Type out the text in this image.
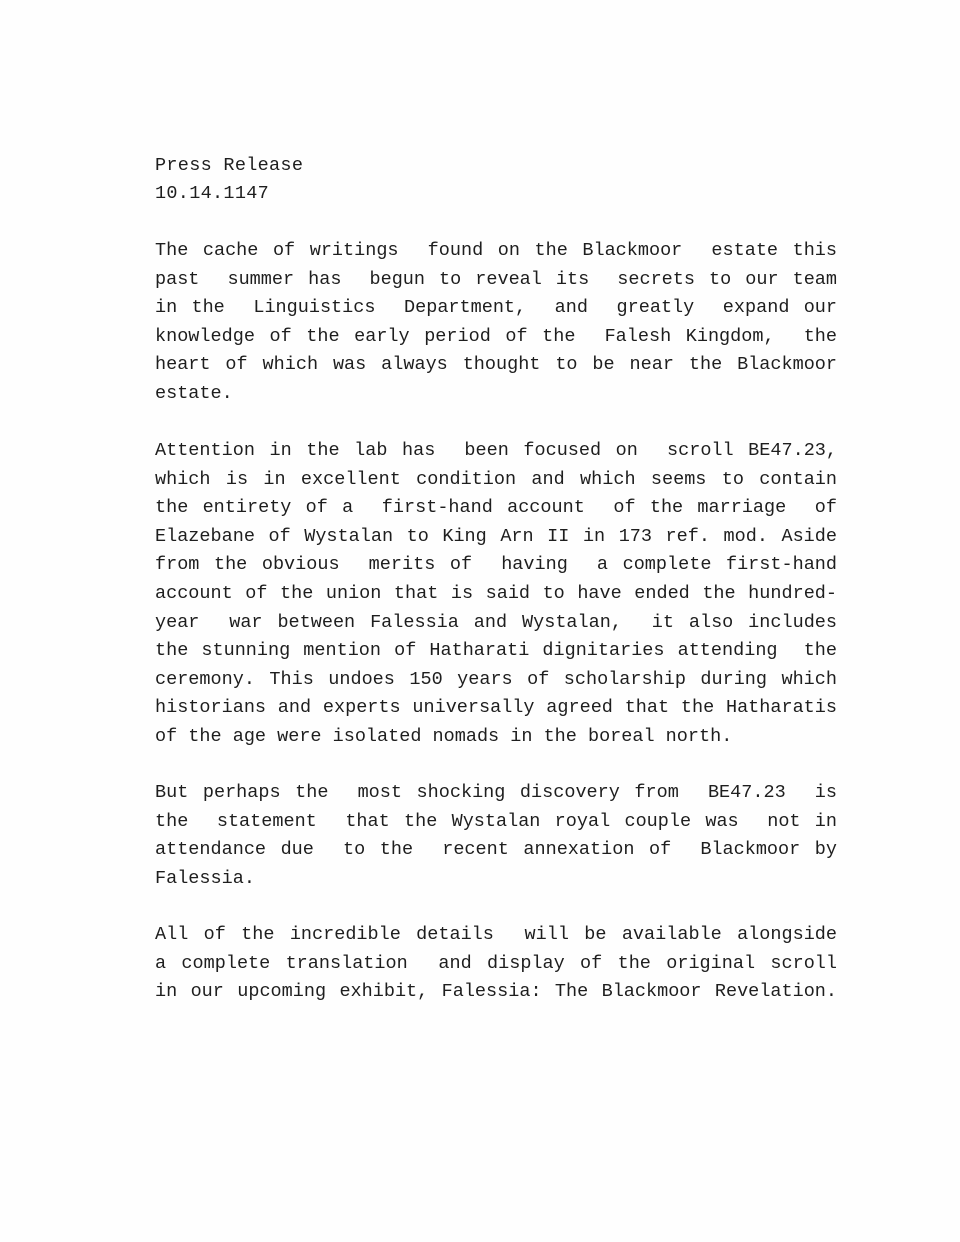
Press Release
10.14.1147
The cache of writings  found on the Blackmoor  estate this
past  summer has  begun to reveal its  secrets to our team
in the  Linguistics  Department,  and  greatly  expand our
knowledge of the early period of the  Falesh Kingdom,  the
heart of which was always thought to be near the Blackmoor
estate.
Attention in the lab has  been focused on  scroll BE47.23,
which is in excellent condition and which seems to contain
the entirety of a  first-hand account  of the marriage  of
Elazebane of Wystalan to King Arn II in 173 ref. mod. Aside
from the obvious  merits of  having  a complete first-hand
account of the union that is said to have ended the hundred-
year  war between Falessia and Wystalan,  it also includes
the stunning mention of Hatharati dignitaries attending  the
ceremony. This undoes 150 years of scholarship during which
historians and experts universally agreed that the Hatharatis
of the age were isolated nomads in the boreal north.
But perhaps the  most shocking discovery from  BE47.23  is
the  statement  that the Wystalan royal couple was  not in
attendance due  to the  recent annexation of  Blackmoor by
Falessia.
All of the incredible details  will be available alongside
a complete translation  and display of the original scroll
in our upcoming exhibit, Falessia: The Blackmoor Revelation.
